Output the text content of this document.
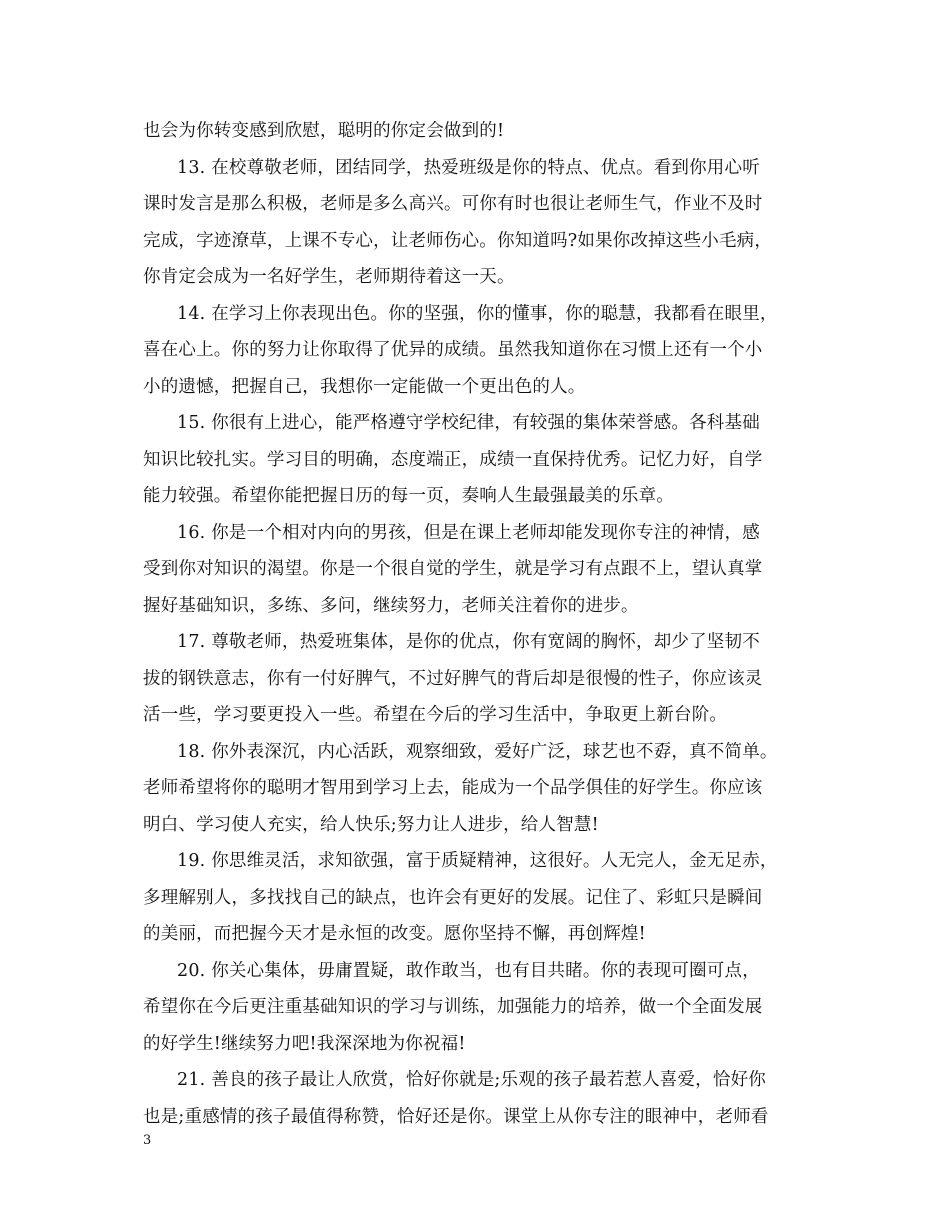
也会为你转变感到欣慰，聪明的你定会做到的!
13. 在校尊敬老师，团结同学，热爱班级是你的特点、优点。看到你用心听
课时发言是那么积极，老师是多么高兴。可你有时也很让老师生气，作业不及时
完成，字迹潦草，上课不专心，让老师伤心。你知道吗?如果你改掉这些小毛病，
你肯定会成为一名好学生，老师期待着这一天。
14. 在学习上你表现出色。你的坚强，你的懂事，你的聪慧，我都看在眼里，
喜在心上。你的努力让你取得了优异的成绩。虽然我知道你在习惯上还有一个小
小的遗憾，把握自己，我想你一定能做一个更出色的人。
15. 你很有上进心，能严格遵守学校纪律，有较强的集体荣誉感。各科基础
知识比较扎实。学习目的明确，态度端正，成绩一直保持优秀。记忆力好，自学
能力较强。希望你能把握日历的每一页，奏响人生最强最美的乐章。
16. 你是一个相对内向的男孩，但是在课上老师却能发现你专注的神情，感
受到你对知识的渴望。你是一个很自觉的学生，就是学习有点跟不上，望认真掌
握好基础知识，多练、多问，继续努力，老师关注着你的进步。
17. 尊敬老师，热爱班集体，是你的优点，你有宽阔的胸怀，却少了坚韧不
拔的钢铁意志，你有一付好脾气，不过好脾气的背后却是很慢的性子，你应该灵
活一些，学习要更投入一些。希望在今后的学习生活中，争取更上新台阶。
18. 你外表深沉，内心活跃，观察细致，爱好广泛，球艺也不孬，真不简单。
老师希望将你的聪明才智用到学习上去，能成为一个品学俱佳的好学生。你应该
明白、学习使人充实，给人快乐;努力让人进步，给人智慧!
19. 你思维灵活，求知欲强，富于质疑精神，这很好。人无完人，金无足赤，
多理解别人，多找找自己的缺点，也许会有更好的发展。记住了、彩虹只是瞬间
的美丽，而把握今天才是永恒的改变。愿你坚持不懈，再创辉煌!
20. 你关心集体，毋庸置疑，敢作敢当，也有目共睹。你的表现可圈可点，
希望你在今后更注重基础知识的学习与训练，加强能力的培养，做一个全面发展
的好学生!继续努力吧!我深深地为你祝福!
21. 善良的孩子最让人欣赏，恰好你就是;乐观的孩子最若惹人喜爱，恰好你
也是;重感情的孩子最值得称赞，恰好还是你。课堂上从你专注的眼神中，老师看
3
